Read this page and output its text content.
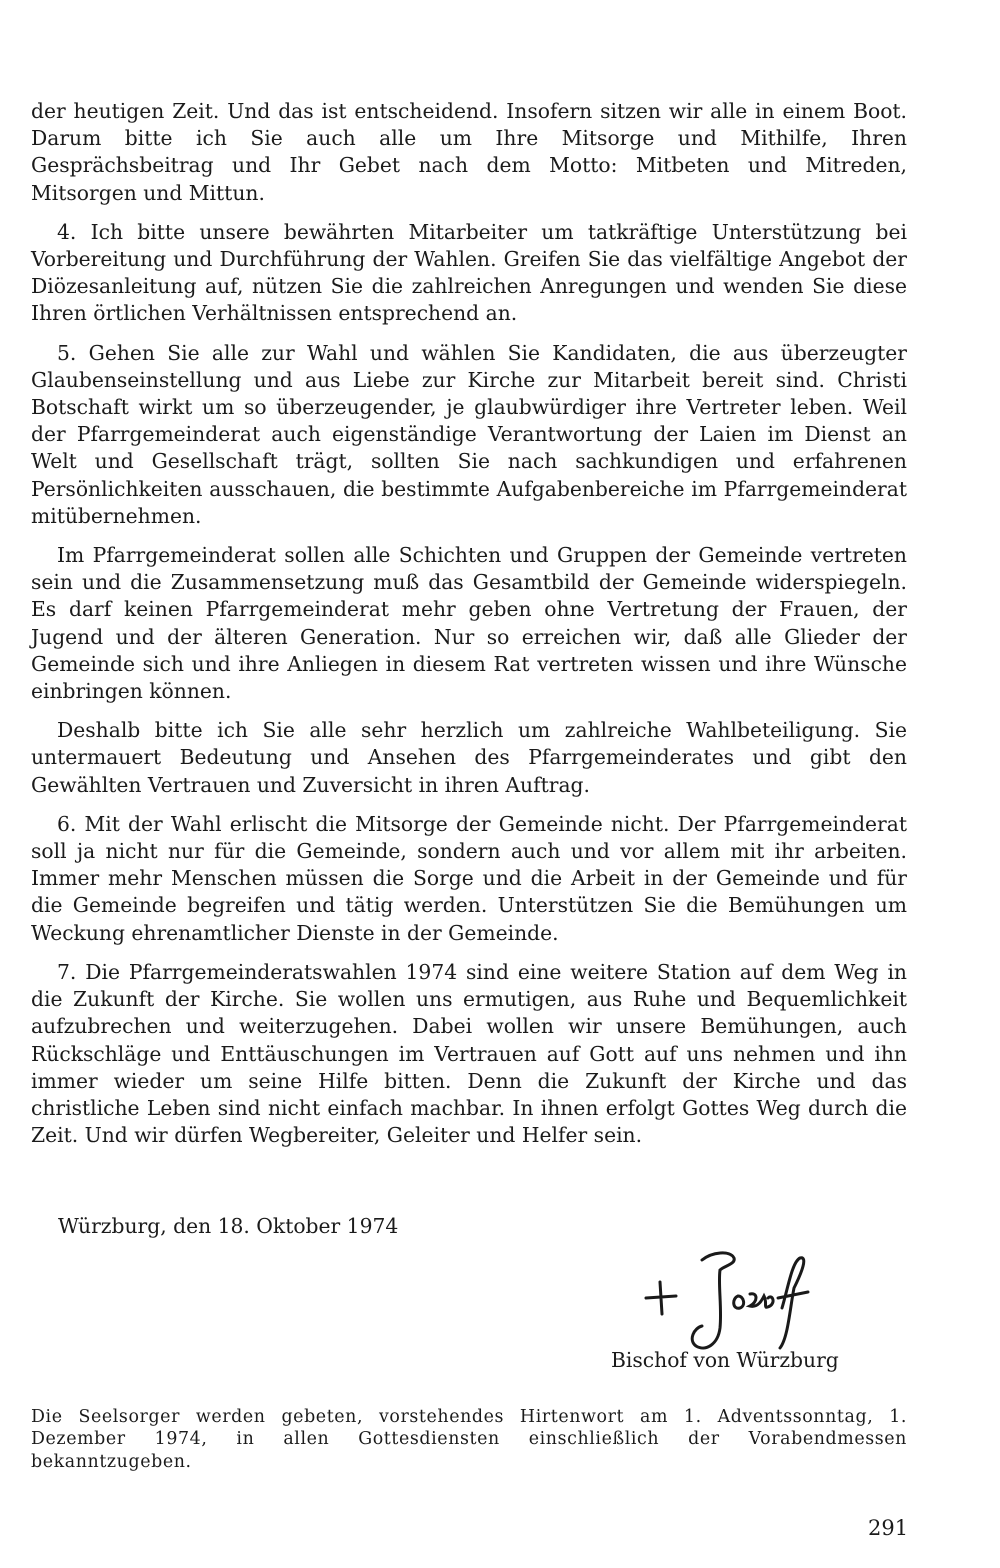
der heutigen Zeit. Und das ist entscheidend. Insofern sitzen wir alle in einem Boot. Darum bitte ich Sie auch alle um Ihre Mitsorge und Mithilfe, Ihren Gesprächsbeitrag und Ihr Gebet nach dem Motto: Mitbeten und Mitreden, Mitsorgen und Mittun.

4. Ich bitte unsere bewährten Mitarbeiter um tatkräftige Unterstützung bei Vorbereitung und Durchführung der Wahlen. Greifen Sie das vielfältige Angebot der Diözesanleitung auf, nützen Sie die zahlreichen Anregungen und wenden Sie diese Ihren örtlichen Verhältnissen entsprechend an.

5. Gehen Sie alle zur Wahl und wählen Sie Kandidaten, die aus überzeugter Glaubenseinstellung und aus Liebe zur Kirche zur Mitarbeit bereit sind. Christi Botschaft wirkt um so überzeugender, je glaubwürdiger ihre Vertreter leben. Weil der Pfarrgemeinderat auch eigenständige Verantwortung der Laien im Dienst an Welt und Gesellschaft trägt, sollten Sie nach sachkundigen und erfahrenen Persönlichkeiten ausschauen, die bestimmte Aufgabenbereiche im Pfarrgemeinderat mitübernehmen.

Im Pfarrgemeinderat sollen alle Schichten und Gruppen der Gemeinde vertreten sein und die Zusammensetzung muß das Gesamtbild der Gemeinde widerspiegeln. Es darf keinen Pfarrgemeinderat mehr geben ohne Vertretung der Frauen, der Jugend und der älteren Generation. Nur so erreichen wir, daß alle Glieder der Gemeinde sich und ihre Anliegen in diesem Rat vertreten wissen und ihre Wünsche einbringen können.

Deshalb bitte ich Sie alle sehr herzlich um zahlreiche Wahlbeteiligung. Sie untermauert Bedeutung und Ansehen des Pfarrgemeinderates und gibt den Gewählten Vertrauen und Zuversicht in ihren Auftrag.

6. Mit der Wahl erlischt die Mitsorge der Gemeinde nicht. Der Pfarrgemeinderat soll ja nicht nur für die Gemeinde, sondern auch und vor allem mit ihr arbeiten. Immer mehr Menschen müssen die Sorge und die Arbeit in der Gemeinde und für die Gemeinde begreifen und tätig werden. Unterstützen Sie die Bemühungen um Weckung ehrenamtlicher Dienste in der Gemeinde.

7. Die Pfarrgemeinderatswahlen 1974 sind eine weitere Station auf dem Weg in die Zukunft der Kirche. Sie wollen uns ermutigen, aus Ruhe und Bequemlichkeit aufzubrechen und weiterzugehen. Dabei wollen wir unsere Bemühungen, auch Rückschläge und Enttäuschungen im Vertrauen auf Gott auf uns nehmen und ihn immer wieder um seine Hilfe bitten. Denn die Zukunft der Kirche und das christliche Leben sind nicht einfach machbar. In ihnen erfolgt Gottes Weg durch die Zeit. Und wir dürfen Wegbereiter, Geleiter und Helfer sein.

Würzburg, den 18. Oktober 1974
Bischof von Würzburg

Die Seelsorger werden gebeten, vorstehendes Hirtenwort am 1. Adventssonntag, 1. Dezember 1974, in allen Gottesdiensten einschließlich der Vorabendmessen bekanntzugeben.

291
